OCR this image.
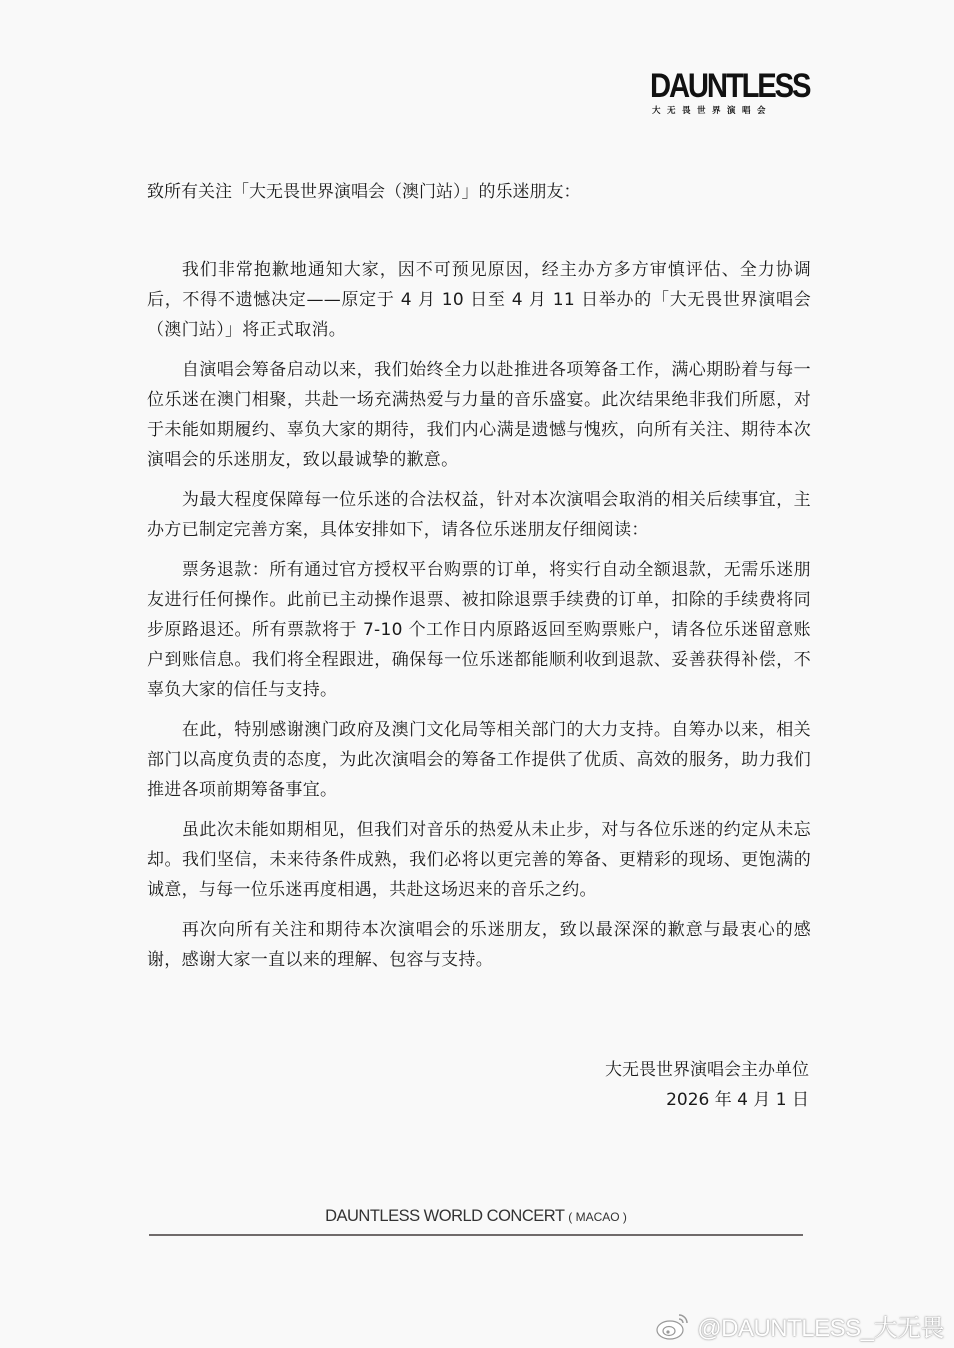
DAUNTLESS
大无畏世界演唱会
致所有关注「大无畏世界演唱会（澳门站）」的乐迷朋友：

我们非常抱歉地通知大家，因不可预见原因，经主办方多方审慎评估、全力协调后，不得不遗憾决定——原定于 4 月 10 日至 4 月 11 日举办的「大无畏世界演唱会（澳门站）」将正式取消。

自演唱会筹备启动以来，我们始终全力以赴推进各项筹备工作，满心期盼着与每一位乐迷在澳门相聚，共赴一场充满热爱与力量的音乐盛宴。此次结果绝非我们所愿，对于未能如期履约、辜负大家的期待，我们内心满是遗憾与愧疚，向所有关注、期待本次演唱会的乐迷朋友，致以最诚挚的歉意。

为最大程度保障每一位乐迷的合法权益，针对本次演唱会取消的相关后续事宜，主办方已制定完善方案，具体安排如下，请各位乐迷朋友仔细阅读：

票务退款：所有通过官方授权平台购票的订单，将实行自动全额退款，无需乐迷朋友进行任何操作。此前已主动操作退票、被扣除退票手续费的订单，扣除的手续费将同步原路退还。所有票款将于 7-10 个工作日内原路返回至购票账户，请各位乐迷留意账户到账信息。我们将全程跟进，确保每一位乐迷都能顺利收到退款、妥善获得补偿，不辜负大家的信任与支持。

在此，特别感谢澳门政府及澳门文化局等相关部门的大力支持。自筹办以来，相关部门以高度负责的态度，为此次演唱会的筹备工作提供了优质、高效的服务，助力我们推进各项前期筹备事宜。

虽此次未能如期相见，但我们对音乐的热爱从未止步，对与各位乐迷的约定从未忘却。我们坚信，未来待条件成熟，我们必将以更完善的筹备、更精彩的现场、更饱满的诚意，与每一位乐迷再度相遇，共赴这场迟来的音乐之约。

再次向所有关注和期待本次演唱会的乐迷朋友，致以最深深的歉意与最衷心的感谢，感谢大家一直以来的理解、包容与支持。

大无畏世界演唱会主办单位
2026 年 4 月 1 日
DAUNTLESS WORLD CONCERT ( MACAO )
@DAUNTLESS_大无畏
